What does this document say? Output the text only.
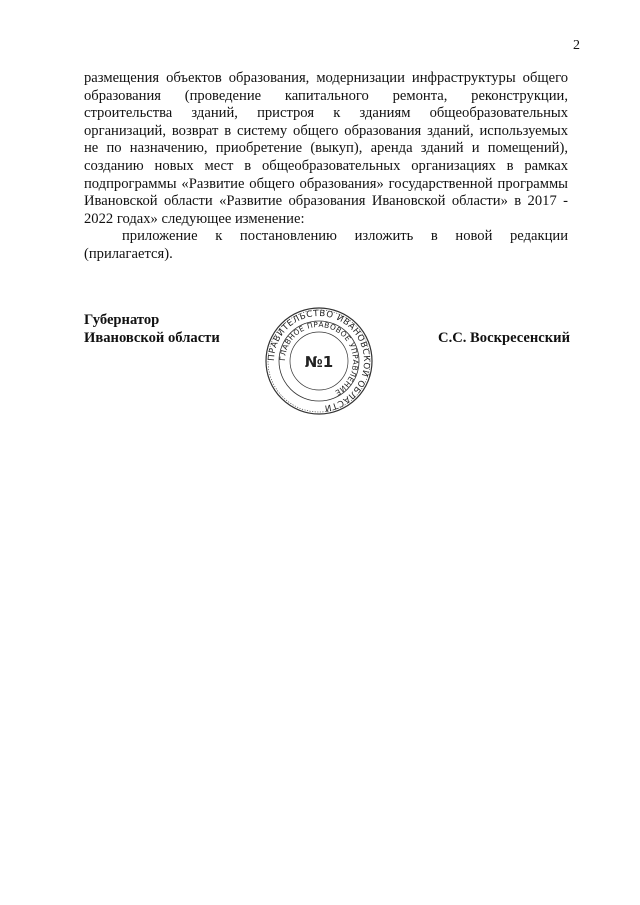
2

размещения объектов образования, модернизации инфраструктуры общего образования (проведение капитального ремонта, реконструкции, строительства зданий, пристроя к зданиям общеобразовательных организаций, возврат в систему общего образования зданий, используемых не по назначению, приобретение (выкуп), аренда зданий и помещений), созданию новых мест в общеобразовательных организациях в рамках подпрограммы «Развитие общего образования» государственной программы Ивановской области «Развитие образования Ивановской области» в 2017 - 2022 годах» следующее изменение:

приложение к постановлению изложить в новой редакции (прилагается).

Губернатор
Ивановской области
ПРАВИТЕЛЬСТВО ИВАНОВСКОЙ ОБЛАСТИ
ГЛАВНОЕ ПРАВОВОЕ УПРАВЛЕНИЕ
№1
С.С. Воскресенский
